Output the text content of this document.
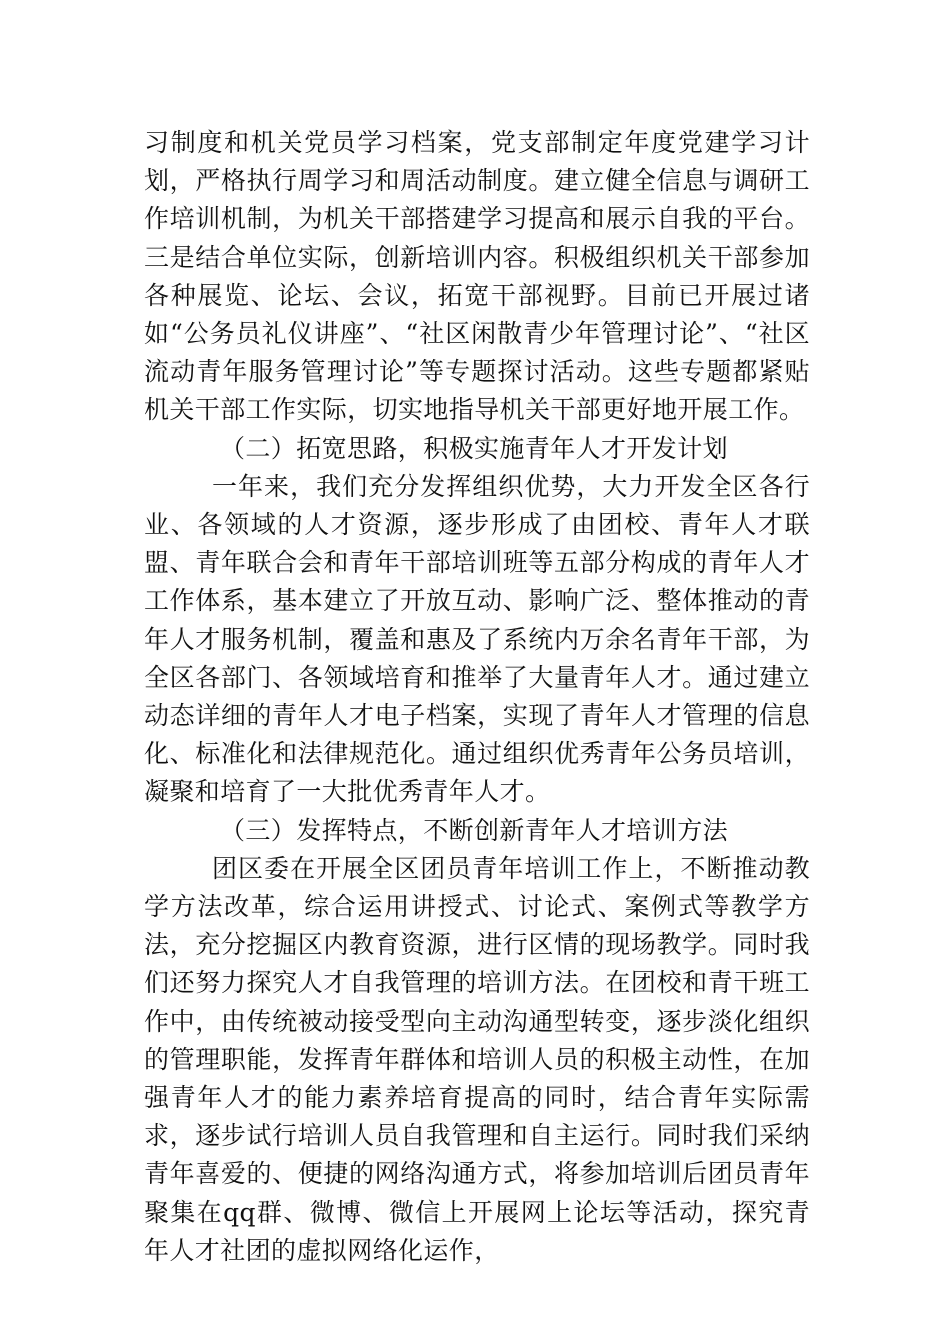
习制度和机关党员学习档案，党支部制定年度党建学习计划，严格执行周学习和周活动制度。建立健全信息与调研工作培训机制，为机关干部搭建学习提高和展示自我的平台。三是结合单位实际，创新培训内容。积极组织机关干部参加各种展览、论坛、会议，拓宽干部视野。目前已开展过诸如“公务员礼仪讲座”、“社区闲散青少年管理讨论”、“社区流动青年服务管理讨论”等专题探讨活动。这些专题都紧贴机关干部工作实际，切实地指导机关干部更好地开展工作。

（二）拓宽思路，积极实施青年人才开发计划

一年来，我们充分发挥组织优势，大力开发全区各行业、各领域的人才资源，逐步形成了由团校、青年人才联盟、青年联合会和青年干部培训班等五部分构成的青年人才工作体系，基本建立了开放互动、影响广泛、整体推动的青年人才服务机制，覆盖和惠及了系统内万余名青年干部，为全区各部门、各领域培育和推举了大量青年人才。通过建立动态详细的青年人才电子档案，实现了青年人才管理的信息化、标准化和法律规范化。通过组织优秀青年公务员培训，凝聚和培育了一大批优秀青年人才。

（三）发挥特点，不断创新青年人才培训方法

团区委在开展全区团员青年培训工作上，不断推动教学方法改革，综合运用讲授式、讨论式、案例式等教学方法，充分挖掘区内教育资源，进行区情的现场教学。同时我们还努力探究人才自我管理的培训方法。在团校和青干班工作中，由传统被动接受型向主动沟通型转变，逐步淡化组织的管理职能，发挥青年群体和培训人员的积极主动性，在加强青年人才的能力素养培育提高的同时，结合青年实际需求，逐步试行培训人员自我管理和自主运行。同时我们采纳青年喜爱的、便捷的网络沟通方式，将参加培训后团员青年聚集在qq群、微博、微信上开展网上论坛等活动，探究青年人才社团的虚拟网络化运作，
